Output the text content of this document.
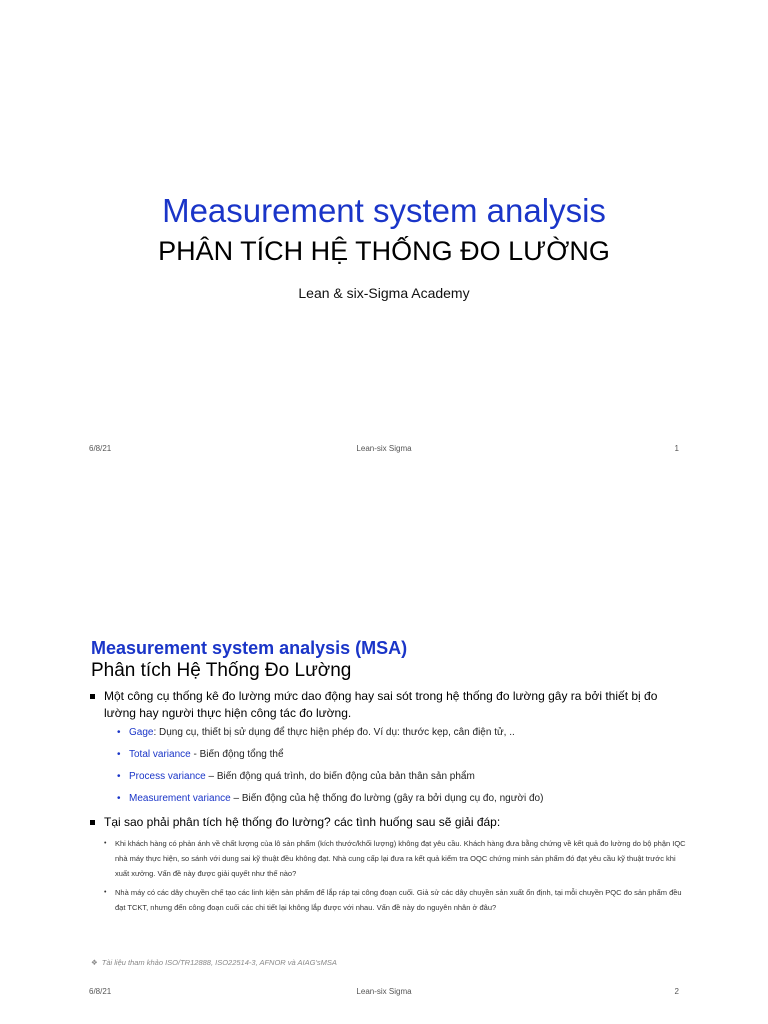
Measurement system analysis
PHÂN TÍCH HỆ THỐNG ĐO LƯỜNG
Lean & six-Sigma Academy
6/8/21	Lean-six Sigma	1
Measurement system analysis (MSA)
Phân tích Hệ Thống Đo Lường
Một công cụ thống kê đo lường mức dao động hay sai sót trong hệ thống đo lường gây ra bởi thiết bị đo lường hay người thực hiện công tác đo lường.
• Gage: Dụng cụ, thiết bị sử dụng để thực hiện phép đo. Ví dụ: thước kẹp, cân điện tử, ..
• Total variance - Biến động tổng thể
• Process variance – Biến động quá trình, do biến động của bản thân sản phẩm
• Measurement variance – Biến động của hệ thống đo lường (gây ra bởi dụng cụ đo, người đo)
Tại sao phải phân tích hệ thống đo lường? các tình huống sau sẽ giải đáp:
• Khi khách hàng có phản ánh về chất lượng của lô sản phẩm (kích thước/khối lượng) không đạt yêu cầu. Khách hàng đưa bằng chứng về kết quả đo lường do bộ phận IQC nhà máy thực hiện, so sánh với dung sai kỹ thuật đều không đạt. Nhà cung cấp lại đưa ra kết quả kiểm tra OQC chứng minh sản phẩm đó đạt yêu cầu kỹ thuật trước khi xuất xưởng. Vấn đề này được giải quyết như thế nào?
• Nhà máy có các dây chuyền chế tạo các linh kiện sản phẩm để lắp ráp tại công đoạn cuối. Giả sử các dây chuyền sản xuất ổn định, tại mỗi chuyền PQC đo sản phẩm đều đạt TCKT, nhưng đến công đoạn cuối các chi tiết lại không lắp được với nhau. Vấn đề này do nguyên nhân ở đâu?
❖ Tài liệu tham khảo ISO/TR12888, ISO22514-3, AFNOR và AIAG'sMSA
6/8/21	Lean-six Sigma	2
